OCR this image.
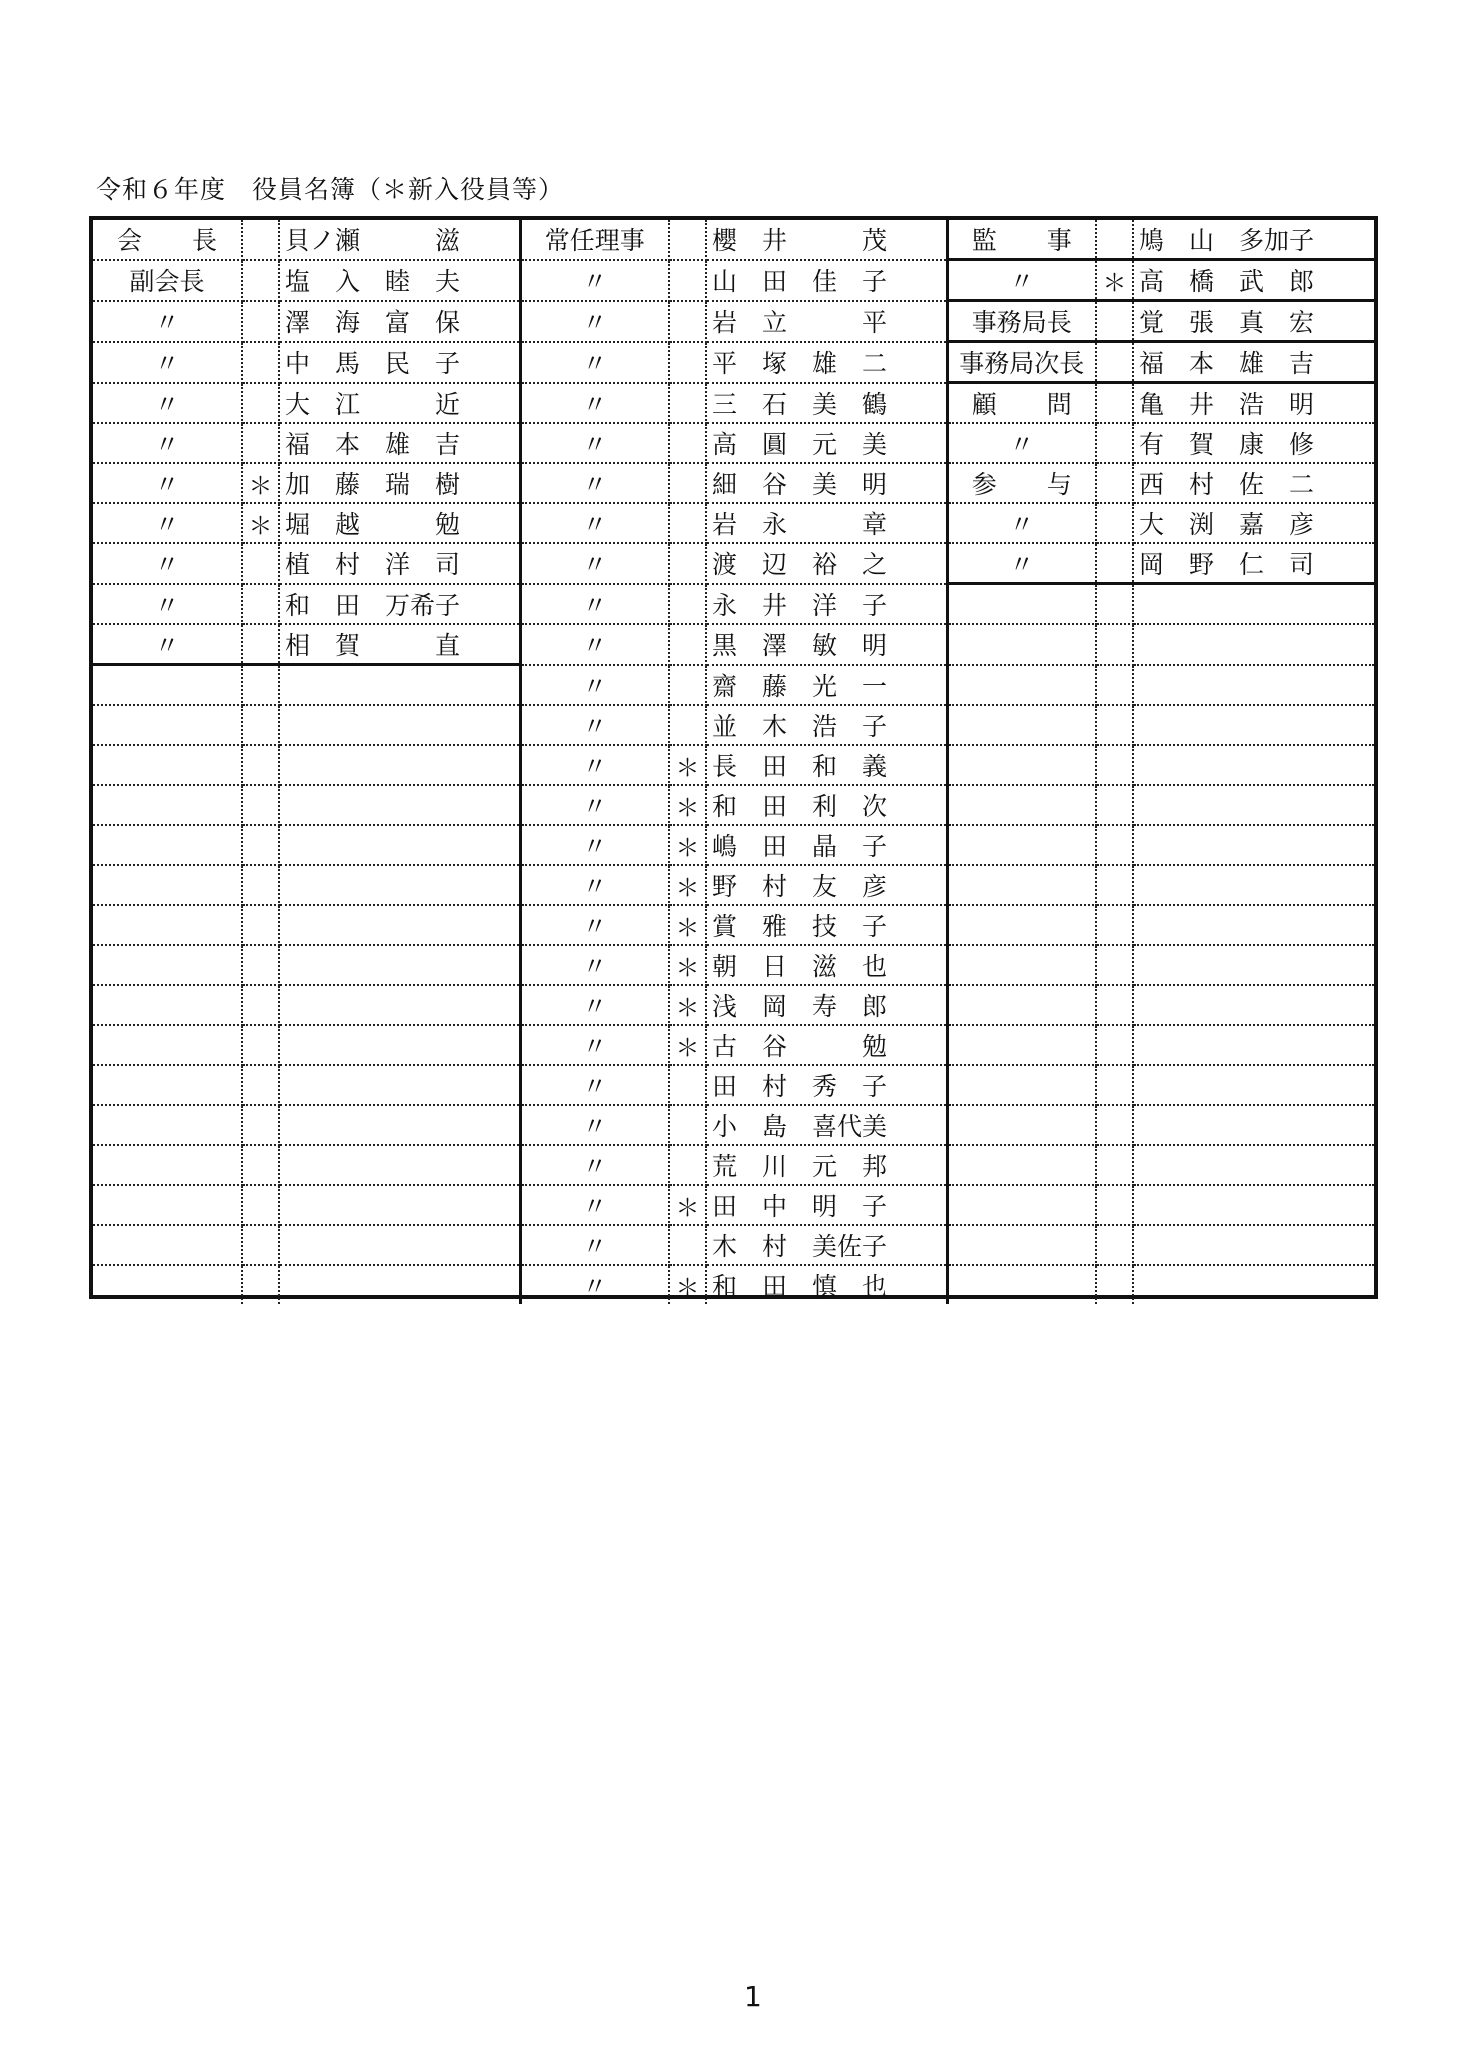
令和６年度　役員名簿（＊新入役員等）
会　　長		貝ノ瀬　　　滋	常任理事		櫻　井　　　茂	監　　事		鳩　山　多加子
副会長		塩　入　睦　夫	〃		山　田　佳　子	〃	＊	高　橋　武　郎
〃		澤　海　富　保	〃		岩　立　　　平	事務局長		覚　張　真　宏
〃		中　馬　民　子	〃		平　塚　雄　二	事務局次長		福　本　雄　吉
〃		大　江　　　近	〃		三　石　美　鶴	顧　　問		亀　井　浩　明
〃		福　本　雄　吉	〃		高　圓　元　美	〃		有　賀　康　修
〃	＊	加　藤　瑞　樹	〃		細　谷　美　明	参　　与		西　村　佐　二
〃	＊	堀　越　　　勉	〃		岩　永　　　章	〃		大　渕　嘉　彦
〃		植　村　洋　司	〃		渡　辺　裕　之	〃		岡　野　仁　司
〃		和　田　万希子	〃		永　井　洋　子			
〃		相　賀　　　直	〃		黒　澤　敏　明			
			〃		齋　藤　光　一			
			〃		並　木　浩　子			
			〃	＊	長　田　和　義			
			〃	＊	和　田　利　次			
			〃	＊	嶋　田　晶　子			
			〃	＊	野　村　友　彦			
			〃	＊	賞　雅　技　子			
			〃	＊	朝　日　滋　也			
			〃	＊	浅　岡　寿　郎			
			〃	＊	古　谷　　　勉			
			〃		田　村　秀　子			
			〃		小　島　喜代美			
			〃		荒　川　元　邦			
			〃	＊	田　中　明　子			
			〃		木　村　美佐子			
			〃	＊	和　田　慎　也			
1
